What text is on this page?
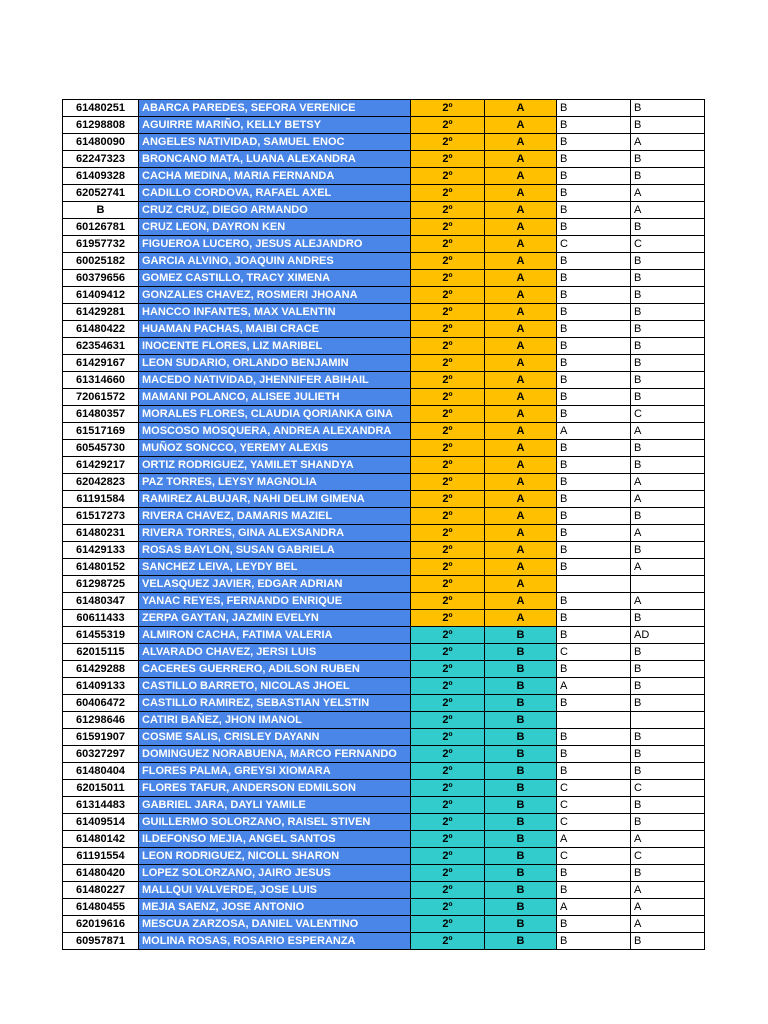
61480251	ABARCA PAREDES, SEFORA VERENICE	2º	A	B	B
61298808	AGUIRRE MARIÑO, KELLY BETSY	2º	A	B	B
61480090	ANGELES NATIVIDAD, SAMUEL ENOC	2º	A	B	A
62247323	BRONCANO MATA, LUANA ALEXANDRA	2º	A	B	B
61409328	CACHA MEDINA, MARIA FERNANDA	2º	A	B	B
62052741	CADILLO CORDOVA, RAFAEL AXEL	2º	A	B	A
B	CRUZ CRUZ, DIEGO ARMANDO	2º	A	B	A
60126781	CRUZ LEON, DAYRON KEN	2º	A	B	B
61957732	FIGUEROA LUCERO, JESUS ALEJANDRO	2º	A	C	C
60025182	GARCIA ALVINO, JOAQUIN ANDRES	2º	A	B	B
60379656	GOMEZ CASTILLO, TRACY XIMENA	2º	A	B	B
61409412	GONZALES CHAVEZ, ROSMERI JHOANA	2º	A	B	B
61429281	HANCCO INFANTES, MAX VALENTIN	2º	A	B	B
61480422	HUAMAN PACHAS, MAIBI CRACE	2º	A	B	B
62354631	INOCENTE FLORES, LIZ MARIBEL	2º	A	B	B
61429167	LEON SUDARIO, ORLANDO BENJAMIN	2º	A	B	B
61314660	MACEDO NATIVIDAD, JHENNIFER ABIHAIL	2º	A	B	B
72061572	MAMANI POLANCO, ALISEE JULIETH	2º	A	B	B
61480357	MORALES FLORES, CLAUDIA QORIANKA GINA	2º	A	B	C
61517169	MOSCOSO MOSQUERA, ANDREA ALEXANDRA	2º	A	A	A
60545730	MUÑOZ SONCCO, YEREMY ALEXIS	2º	A	B	B
61429217	ORTIZ RODRIGUEZ, YAMILET SHANDYA	2º	A	B	B
62042823	PAZ TORRES, LEYSY MAGNOLIA	2º	A	B	A
61191584	RAMIREZ ALBUJAR, NAHI DELIM GIMENA	2º	A	B	A
61517273	RIVERA CHAVEZ, DAMARIS MAZIEL	2º	A	B	B
61480231	RIVERA TORRES, GINA ALEXSANDRA	2º	A	B	A
61429133	ROSAS BAYLON, SUSAN GABRIELA	2º	A	B	B
61480152	SANCHEZ LEIVA, LEYDY BEL	2º	A	B	A
61298725	VELASQUEZ JAVIER, EDGAR ADRIAN	2º	A		
61480347	YANAC REYES, FERNANDO ENRIQUE	2º	A	B	A
60611433	ZERPA GAYTAN, JAZMIN EVELYN	2º	A	B	B
61455319	ALMIRON CACHA, FATIMA VALERIA	2º	B	B	AD
62015115	ALVARADO CHAVEZ, JERSI LUIS	2º	B	C	B
61429288	CACERES GUERRERO, ADILSON RUBEN	2º	B	B	B
61409133	CASTILLO BARRETO, NICOLAS JHOEL	2º	B	A	B
60406472	CASTILLO RAMIREZ, SEBASTIAN YELSTIN	2º	B	B	B
61298646	CATIRI BAÑEZ, JHON IMANOL	2º	B		
61591907	COSME SALIS, CRISLEY DAYANN	2º	B	B	B
60327297	DOMINGUEZ NORABUENA, MARCO FERNANDO	2º	B	B	B
61480404	FLORES PALMA, GREYSI XIOMARA	2º	B	B	B
62015011	FLORES TAFUR, ANDERSON EDMILSON	2º	B	C	C
61314483	GABRIEL JARA, DAYLI YAMILE	2º	B	C	B
61409514	GUILLERMO SOLORZANO, RAISEL STIVEN	2º	B	C	B
61480142	ILDEFONSO MEJIA, ANGEL SANTOS	2º	B	A	A
61191554	LEON RODRIGUEZ, NICOLL SHARON	2º	B	C	C
61480420	LOPEZ SOLORZANO, JAIRO JESUS	2º	B	B	B
61480227	MALLQUI VALVERDE, JOSE LUIS	2º	B	B	A
61480455	MEJIA SAENZ, JOSE ANTONIO	2º	B	A	A
62019616	MESCUA ZARZOSA, DANIEL VALENTINO	2º	B	B	A
60957871	MOLINA ROSAS, ROSARIO ESPERANZA	2º	B	B	B
